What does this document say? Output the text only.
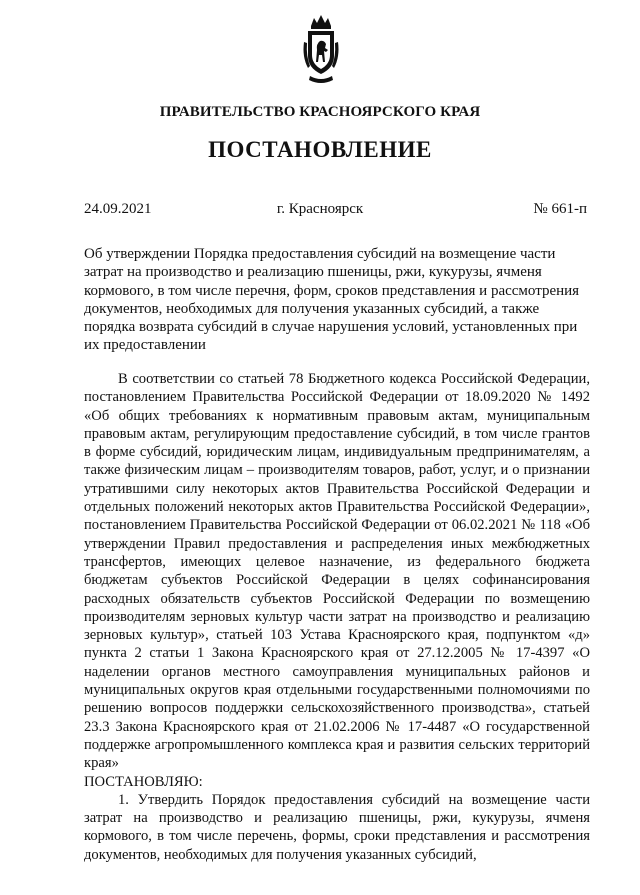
ПРАВИТЕЛЬСТВО КРАСНОЯРСКОГО КРАЯ
ПОСТАНОВЛЕНИЕ
24.09.2021	г. Красноярск	№ 661-п
Об утверждении Порядка предоставления субсидий на возмещение части затрат на производство и реализацию пшеницы, ржи, кукурузы, ячменя кормового, в том числе перечня, форм, сроков представления и рассмотрения документов, необходимых для получения указанных субсидий, а также порядка возврата субсидий в случае нарушения условий, установленных при их предоставлении

В соответствии со статьей 78 Бюджетного кодекса Российской Федерации, постановлением Правительства Российской Федерации от 18.09.2020 № 1492 «Об общих требованиях к нормативным правовым актам, муниципальным правовым актам, регулирующим предоставление субсидий, в том числе грантов в форме субсидий, юридическим лицам, индивидуальным предпринимателям, а также физическим лицам – производителям товаров, работ, услуг, и о признании утратившими силу некоторых актов Правительства Российской Федерации и отдельных положений некоторых актов Правительства Российской Федерации», постановлением Правительства Российской Федерации от 06.02.2021 № 118 «Об утверждении Правил предоставления и распределения иных межбюджетных трансфертов, имеющих целевое назначение, из федерального бюджета бюджетам субъектов Российской Федерации в целях софинансирования расходных обязательств субъектов Российской Федерации по возмещению производителям зерновых культур части затрат на производство и реализацию зерновых культур», статьей 103 Устава Красноярского края, подпунктом «д» пункта 2 статьи 1 Закона Красноярского края от 27.12.2005 № 17-4397 «О наделении органов местного самоуправления муниципальных районов и муниципальных округов края отдельными государственными полномочиями по решению вопросов поддержки сельскохозяйственного производства», статьей 23.3 Закона Красноярского края от 21.02.2006 № 17-4487 «О государственной поддержке агропромышленного комплекса края и развития сельских территорий края»

ПОСТАНОВЛЯЮ:

1. Утвердить Порядок предоставления субсидий на возмещение части затрат на производство и реализацию пшеницы, ржи, кукурузы, ячменя кормового, в том числе перечень, формы, сроки представления и рассмотрения документов, необходимых для получения указанных субсидий,
